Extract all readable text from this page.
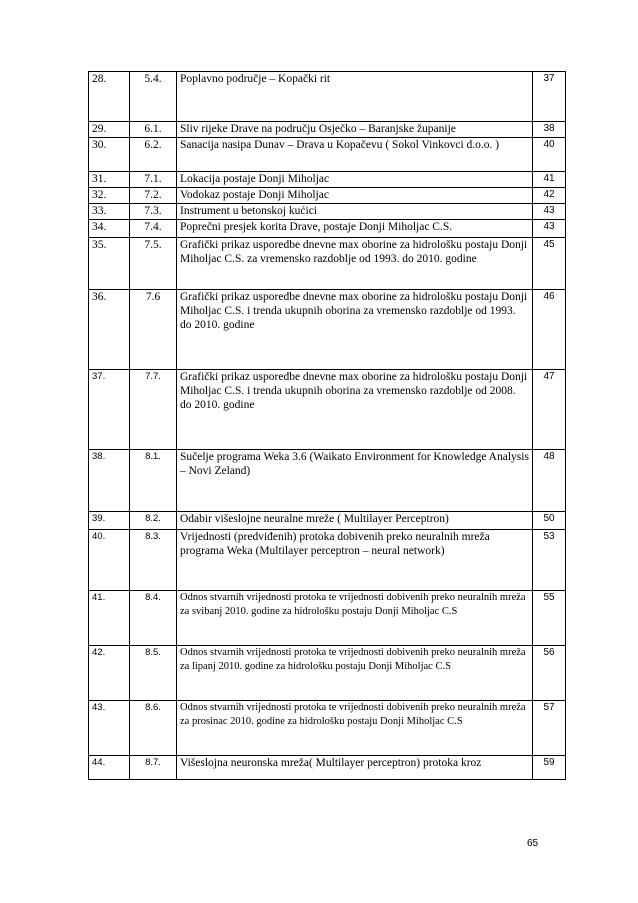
28.	5.4.	Poplavno područje – Kopački rit	37
29.	6.1.	Sliv rijeke Drave na području Osječko – Baranjske županije	38
30.	6.2.	Sanacija nasipa Dunav – Drava u Kopačevu ( Sokol Vinkovci d.o.o. )	40
31.	7.1.	Lokacija postaje Donji Miholjac	41
32.	7.2.	Vodokaz postaje Donji Miholjac	42
33.	7.3.	Instrument u betonskoj kućici	43
34.	7.4.	Poprečni presjek korita Drave, postaje Donji Miholjac C.S.	43
35.	7.5.	Grafički prikaz usporedbe dnevne max oborine za hidrološku postaju Donji Miholjac C.S. za vremensko razdoblje od 1993. do 2010. godine	45
36.	7.6	Grafički prikaz usporedbe dnevne max oborine za hidrološku postaju Donji Miholjac C.S. i trenda ukupnih oborina za vremensko razdoblje od 1993. do 2010. godine	46
37.	7.7.	Grafički prikaz usporedbe dnevne max oborine za hidrološku postaju Donji Miholjac C.S. i trenda ukupnih oborina za vremensko razdoblje od 2008. do 2010. godine	47
38.	8.1.	Sučelje programa Weka 3.6 (Waikato Environment for Knowledge Analysis – Novi Zeland)	48
39.	8.2.	Odabir višeslojne neuralne mreže ( Multilayer Perceptron)	50
40.	8.3.	Vrijednosti (predviđenih) protoka dobivenih preko neuralnih mreža programa Weka (Multilayer perceptron – neural network)	53
41.	8.4.	Odnos stvarnih vrijednosti protoka te vrijednosti dobivenih preko neuralnih mreža za svibanj 2010. godine za hidrološku postaju Donji Miholjac C.S	55
42.	8.5.	Odnos stvarnih vrijednosti protoka te vrijednosti dobivenih preko neuralnih mreža za lipanj 2010. godine za hidrološku postaju Donji Miholjac C.S	56
43.	8.6.	Odnos stvarnih vrijednosti protoka te vrijednosti dobivenih preko neuralnih mreža za prosinac 2010. godine za hidrološku postaju Donji Miholjac C.S	57
44.	8.7.	Višeslojna neuronska mreža( Multilayer perceptron) protoka kroz	59
65
